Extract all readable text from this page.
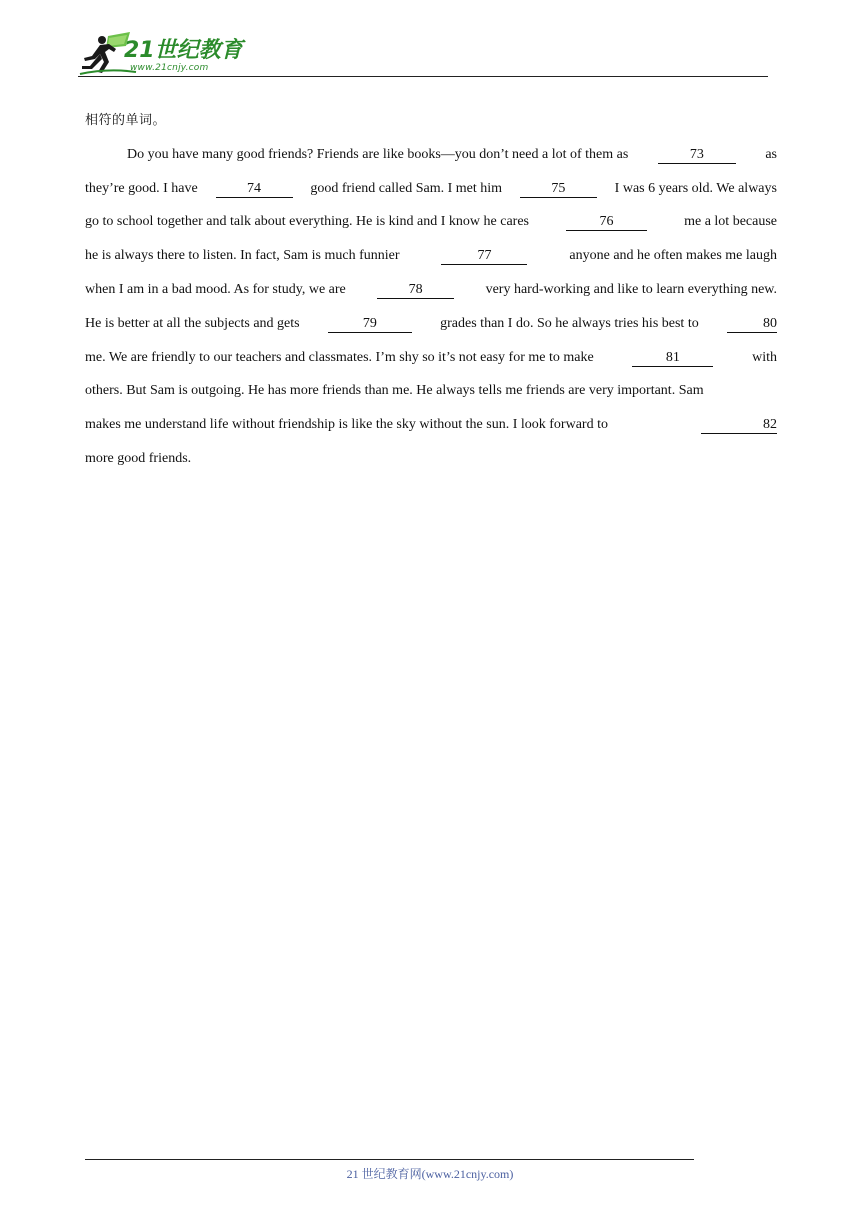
21世纪教育
www.21cnjy.com

相符的单词。

Do you have many good friends? Friends are like books—you don’t need a lot of them as	73	as
they’re good. I have	74	good friend called Sam. I met him	75	I was 6 years old. We always
go to school together and talk about everything. He is kind and I know he cares	76	me a lot because
he is always there to listen. In fact, Sam is much funnier	77	anyone and he often makes me laugh
when I am in a bad mood. As for study, we are	78	very hard-working and like to learn everything new.
He is better at all the subjects and gets	79	grades than I do. So he always tries his best to	80
me. We are friendly to our teachers and classmates. I’m shy so it’s not easy for me to make	81	with
others. But Sam is outgoing. He has more friends than me. He always tells me friends are very important. Sam
makes me understand life without friendship is like the sky without the sun. I look forward to	82
more good friends.
21 世纪教育网(www.21cnjy.com)
